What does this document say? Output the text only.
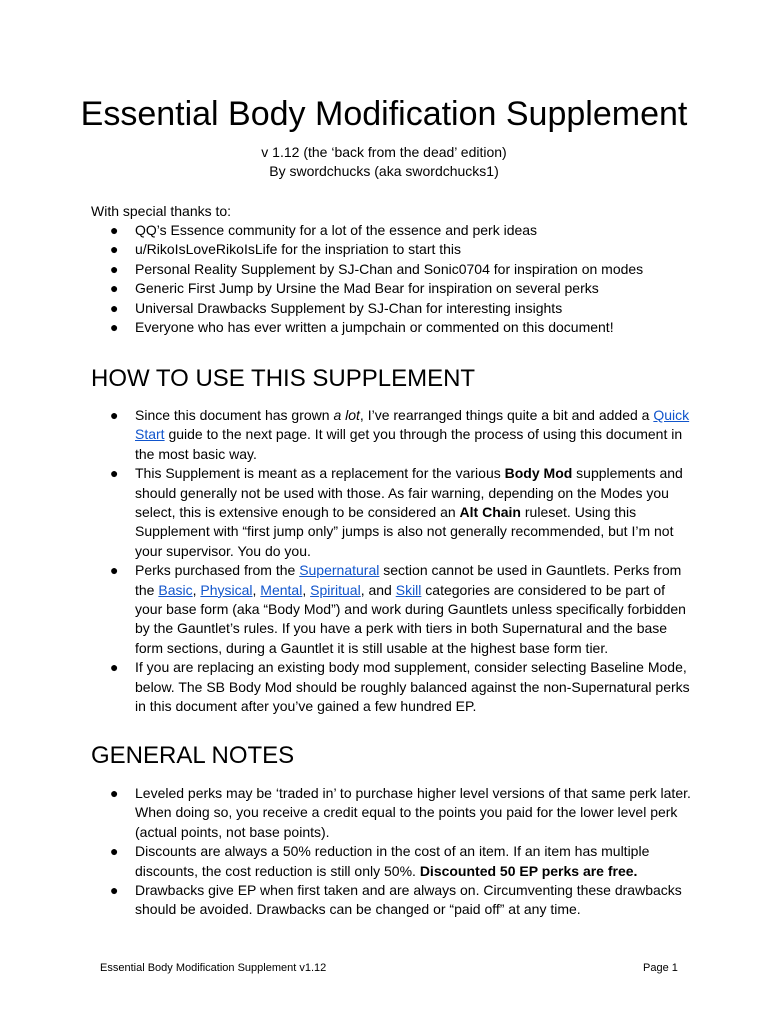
Essential Body Modification Supplement
v 1.12 (the ‘back from the dead’ edition)
By swordchucks (aka swordchucks1)
With special thanks to:
● QQ’s Essence community for a lot of the essence and perk ideas
● u/RikoIsLoveRikoIsLife for the inspriation to start this
● Personal Reality Supplement by SJ-Chan and Sonic0704 for inspiration on modes
● Generic First Jump by Ursine the Mad Bear for inspiration on several perks
● Universal Drawbacks Supplement by SJ-Chan for interesting insights
● Everyone who has ever written a jumpchain or commented on this document!
HOW TO USE THIS SUPPLEMENT
● Since this document has grown a lot, I’ve rearranged things quite a bit and added a Quick Start guide to the next page. It will get you through the process of using this document in the most basic way.
● This Supplement is meant as a replacement for the various Body Mod supplements and should generally not be used with those. As fair warning, depending on the Modes you select, this is extensive enough to be considered an Alt Chain ruleset. Using this Supplement with “first jump only” jumps is also not generally recommended, but I’m not your supervisor. You do you.
● Perks purchased from the Supernatural section cannot be used in Gauntlets. Perks from the Basic, Physical, Mental, Spiritual, and Skill categories are considered to be part of your base form (aka “Body Mod”) and work during Gauntlets unless specifically forbidden by the Gauntlet’s rules. If you have a perk with tiers in both Supernatural and the base form sections, during a Gauntlet it is still usable at the highest base form tier.
● If you are replacing an existing body mod supplement, consider selecting Baseline Mode, below. The SB Body Mod should be roughly balanced against the non-Supernatural perks in this document after you’ve gained a few hundred EP.
GENERAL NOTES
● Leveled perks may be ‘traded in’ to purchase higher level versions of that same perk later. When doing so, you receive a credit equal to the points you paid for the lower level perk (actual points, not base points).
● Discounts are always a 50% reduction in the cost of an item. If an item has multiple discounts, the cost reduction is still only 50%. Discounted 50 EP perks are free.
● Drawbacks give EP when first taken and are always on. Circumventing these drawbacks should be avoided. Drawbacks can be changed or “paid off” at any time.
Essential Body Modification Supplement v1.12	Page 1
